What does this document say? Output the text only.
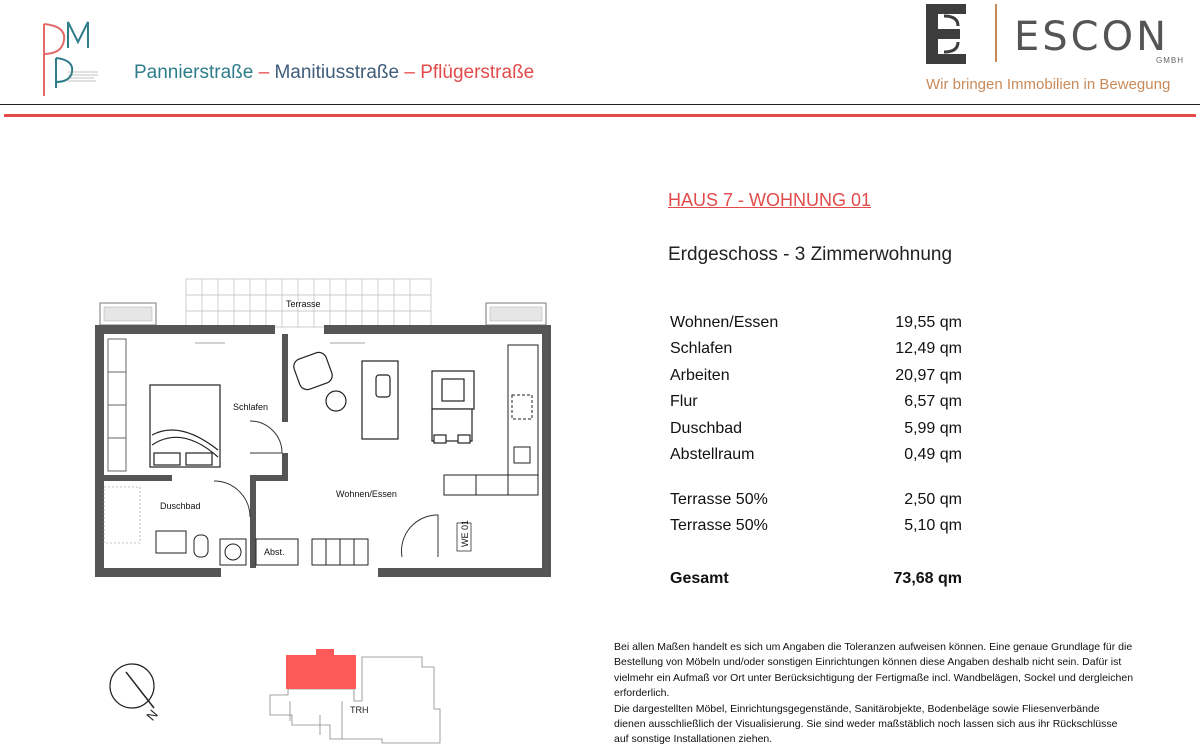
Pannierstraße – Manitiusstraße – Pflügerstraße
ESCON
GMBH
Wir bringen Immobilien in Bewegung
Terrasse
Schlafen
Wohnen/Essen
WE 01
Duschbad
Abst.
HAUS 7 - WOHNUNG 01
Erdgeschoss - 3 Zimmerwohnung
Wohnen/Essen	19,55 qm
Schlafen	12,49 qm
Arbeiten	20,97 qm
Flur	6,57 qm
Duschbad	5,99 qm
Abstellraum	0,49 qm
Terrasse 50%	2,50 qm
Terrasse 50%	5,10 qm
Gesamt	73,68 qm
N	TRH

Bei allen Maßen handelt es sich um Angaben die Toleranzen aufweisen können. Eine genaue Grundlage für die Bestellung von Möbeln und/oder sonstigen Einrichtungen können diese Angaben deshalb nicht sein. Dafür ist vielmehr ein Aufmaß vor Ort unter Berücksichtigung der Fertigmaße incl. Wandbelägen, Sockel und dergleichen erforderlich.

Die dargestellten Möbel, Einrichtungsgegenstände, Sanitärobjekte, Bodenbeläge sowie Fliesenverbände dienen ausschließlich der Visualisierung. Sie sind weder maßstäblich noch lassen sich aus ihr Rückschlüsse auf sonstige Installationen ziehen.
